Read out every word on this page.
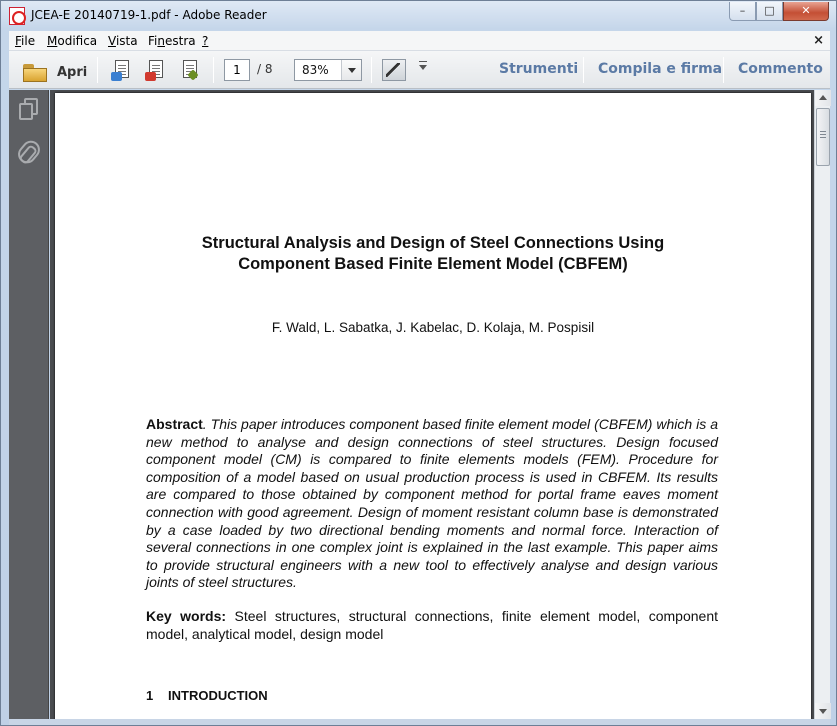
JCEA-E 20140719-1.pdf - Adobe Reader	–	□	✕
File Modifica Vista Finestra ?	×
Apri	1	/ 8 83%	Strumenti Compila e firma Commento
Structural Analysis and Design of Steel Connections Using
Component Based Finite Element Model (CBFEM)
F. Wald, L. Sabatka, J. Kabelac, D. Kolaja, M. Pospisil
Abstract. This paper introduces component based finite element model (CBFEM) which is a new method to analyse and design connections of steel structures. Design focused component model (CM) is compared to finite elements models (FEM). Procedure for composition of a model based on usual production process is used in CBFEM. Its results are compared to those obtained by component method for portal frame eaves moment connection with good agreement. Design of moment resistant column base is demonstrated by a case loaded by two directional bending moments and normal force. Interaction of several connections in one complex joint is explained in the last example. This paper aims to provide structural engineers with a new tool to effectively analyse and design various joints of steel structures.
Key words: Steel structures, structural connections, finite element model, component model, analytical model, design model
1 INTRODUCTION
